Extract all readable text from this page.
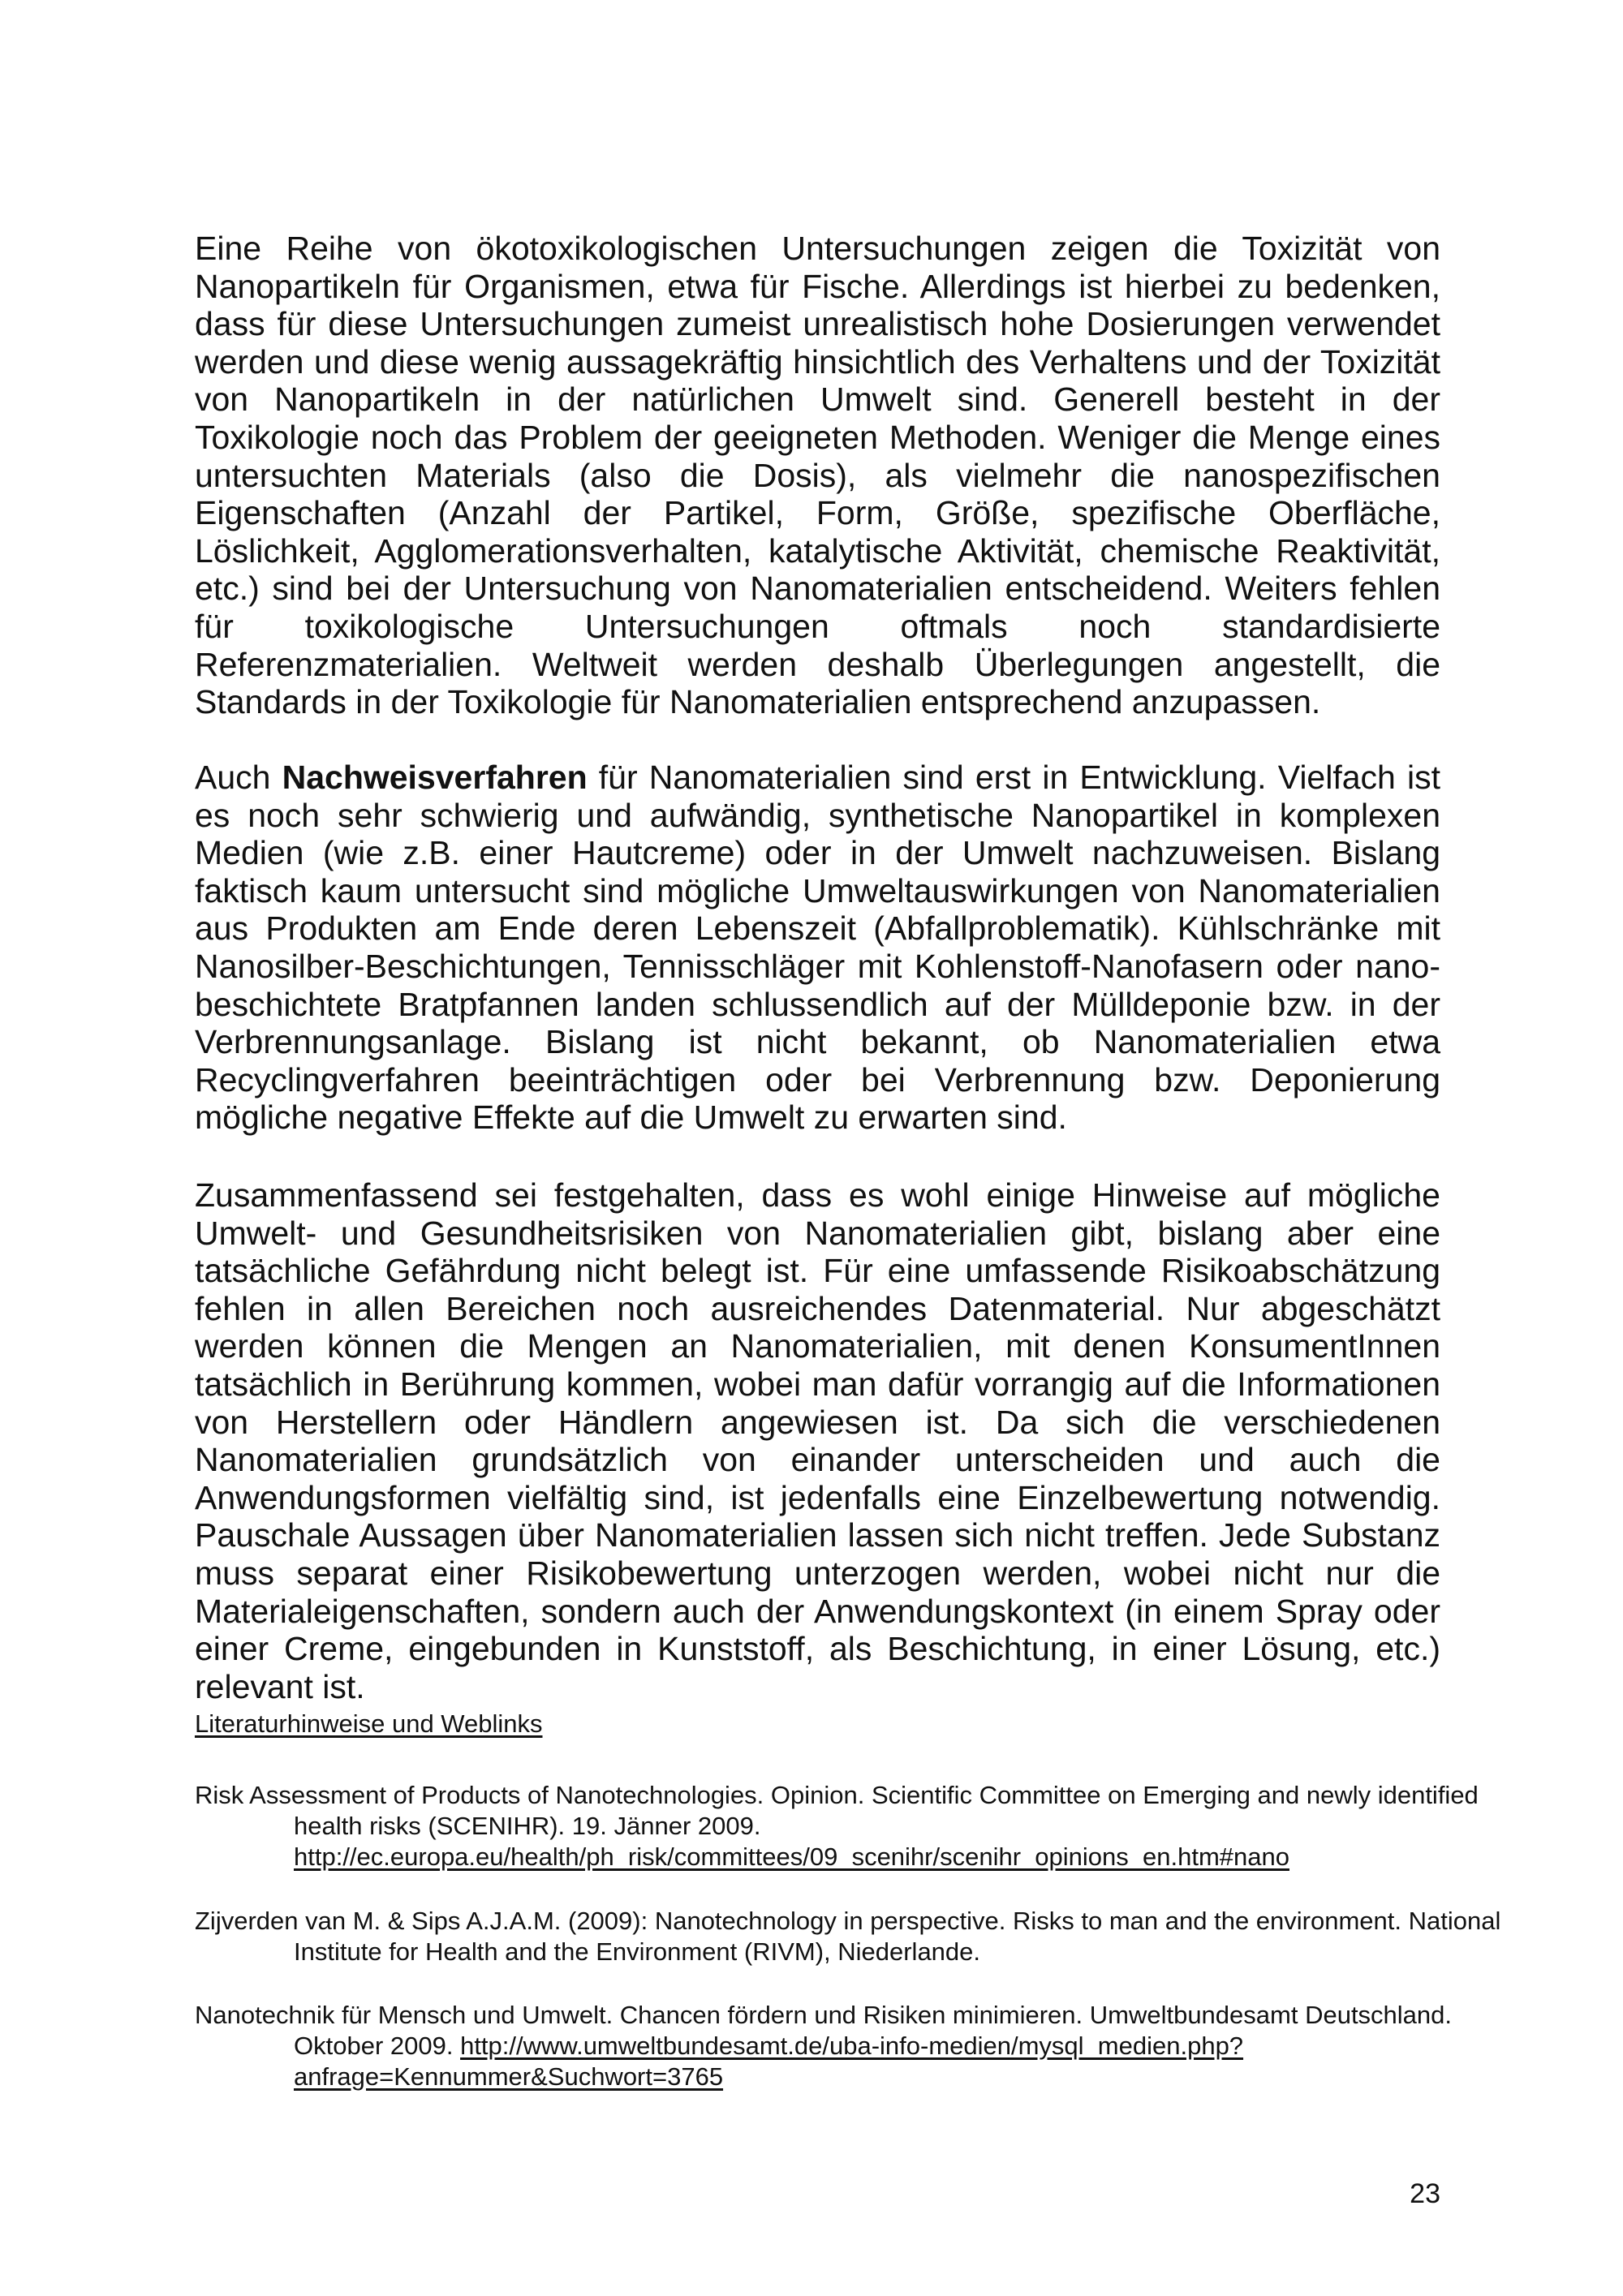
Eine Reihe von ökotoxikologischen Untersuchungen zeigen die Toxizität von Nanopartikeln für Organismen, etwa für Fische. Allerdings ist hierbei zu bedenken, dass für diese Untersuchungen zumeist unrealistisch hohe Dosierungen verwendet werden und diese wenig aussagekräftig hinsichtlich des Verhaltens und der Toxizität von Nanopartikeln in der natürlichen Umwelt sind. Generell besteht in der Toxikologie noch das Problem der geeigneten Methoden. Weniger die Menge eines untersuchten Materials (also die Dosis), als vielmehr die nanospezifischen Eigenschaften (Anzahl der Partikel, Form, Größe, spezifische Oberfläche, Löslichkeit, Agglomerationsverhalten, katalytische Aktivität, chemische Reaktivität, etc.) sind bei der Untersuchung von Nanomaterialien entscheidend. Weiters fehlen für toxikologische Untersuchungen oftmals noch standardisierte Referenzmaterialien. Weltweit werden deshalb Überlegungen angestellt, die Standards in der Toxikologie für Nanomaterialien entsprechend anzupassen.

Auch Nachweisverfahren für Nanomaterialien sind erst in Entwicklung. Vielfach ist es noch sehr schwierig und aufwändig, synthetische Nanopartikel in komplexen Medien (wie z.B. einer Hautcreme) oder in der Umwelt nachzuweisen. Bislang faktisch kaum untersucht sind mögliche Umweltauswirkungen von Nanomaterialien aus Produkten am Ende deren Lebenszeit (Abfallproblematik). Kühlschränke mit Nanosilber-Beschichtungen, Tennisschläger mit Kohlenstoff-Nanofasern oder nano-beschichtete Bratpfannen landen schlussendlich auf der Mülldeponie bzw. in der Verbrennungsanlage. Bislang ist nicht bekannt, ob Nanomaterialien etwa Recyclingverfahren beeinträchtigen oder bei Verbrennung bzw. Deponierung mögliche negative Effekte auf die Umwelt zu erwarten sind.

Zusammenfassend sei festgehalten, dass es wohl einige Hinweise auf mögliche Umwelt- und Gesundheitsrisiken von Nanomaterialien gibt, bislang aber eine tatsächliche Gefährdung nicht belegt ist. Für eine umfassende Risikoabschätzung fehlen in allen Bereichen noch ausreichendes Datenmaterial. Nur abgeschätzt werden können die Mengen an Nanomaterialien, mit denen KonsumentInnen tatsächlich in Berührung kommen, wobei man dafür vorrangig auf die Informationen von Herstellern oder Händlern angewiesen ist. Da sich die verschiedenen Nanomaterialien grundsätzlich von einander unterscheiden und auch die Anwendungsformen vielfältig sind, ist jedenfalls eine Einzelbewertung notwendig. Pauschale Aussagen über Nanomaterialien lassen sich nicht treffen. Jede Substanz muss separat einer Risikobewertung unterzogen werden, wobei nicht nur die Materialeigenschaften, sondern auch der Anwendungskontext (in einem Spray oder einer Creme, eingebunden in Kunststoff, als Beschichtung, in einer Lösung, etc.) relevant ist.

Literaturhinweise und Weblinks

Risk Assessment of Products of Nanotechnologies. Opinion. Scientific Committee on Emerging and newly identified health risks (SCENIHR). 19. Jänner 2009. http://ec.europa.eu/health/ph_risk/committees/09_scenihr/scenihr_opinions_en.htm#nano

Zijverden van M. & Sips A.J.A.M. (2009): Nanotechnology in perspective. Risks to man and the environment. National Institute for Health and the Environment (RIVM), Niederlande.

Nanotechnik für Mensch und Umwelt. Chancen fördern und Risiken minimieren. Umweltbundesamt Deutschland. Oktober 2009. http://www.umweltbundesamt.de/uba-info-medien/mysql_medien.php?anfrage=Kennummer&Suchwort=3765

23
